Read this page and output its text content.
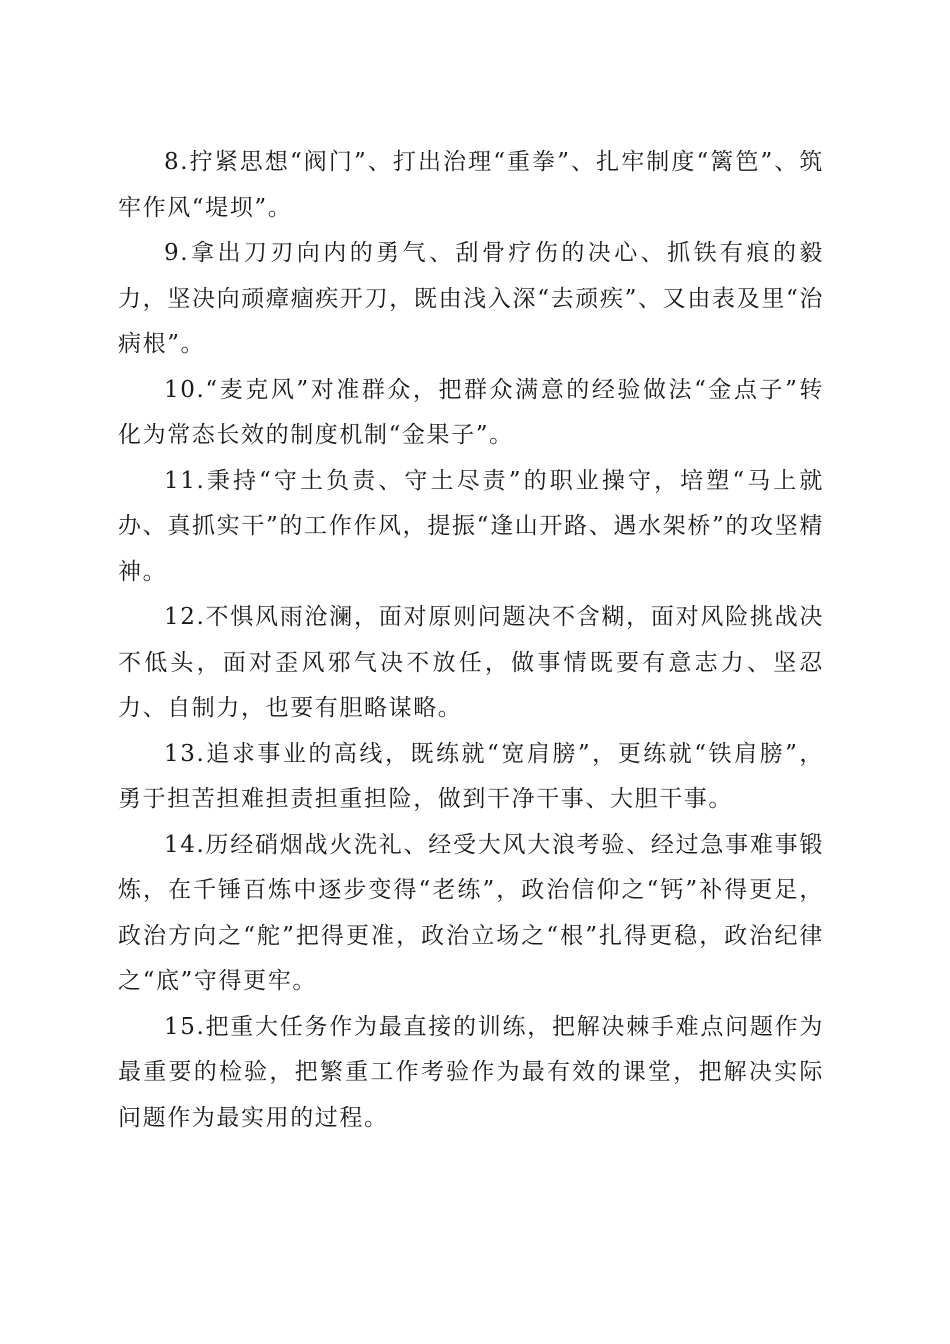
8.拧紧思想“阀门”、打出治理“重拳”、扎牢制度“篱笆”、筑牢作风“堤坝”。

9.拿出刀刃向内的勇气、刮骨疗伤的决心、抓铁有痕的毅力，坚决向顽瘴痼疾开刀，既由浅入深“去顽疾”、又由表及里“治病根”。

10.“麦克风”对准群众，把群众满意的经验做法“金点子”转化为常态长效的制度机制“金果子”。

11.秉持“守土负责、守土尽责”的职业操守，培塑“马上就办、真抓实干”的工作作风，提振“逢山开路、遇水架桥”的攻坚精神。

12.不惧风雨沧澜，面对原则问题决不含糊，面对风险挑战决不低头，面对歪风邪气决不放任，做事情既要有意志力、坚忍力、自制力，也要有胆略谋略。

13.追求事业的高线，既练就“宽肩膀”，更练就“铁肩膀”，勇于担苦担难担责担重担险，做到干净干事、大胆干事。

14.历经硝烟战火洗礼、经受大风大浪考验、经过急事难事锻炼，在千锤百炼中逐步变得“老练”，政治信仰之“钙”补得更足，政治方向之“舵”把得更准，政治立场之“根”扎得更稳，政治纪律之“底”守得更牢。

15.把重大任务作为最直接的训练，把解决棘手难点问题作为最重要的检验，把繁重工作考验作为最有效的课堂，把解决实际问题作为最实用的过程。
